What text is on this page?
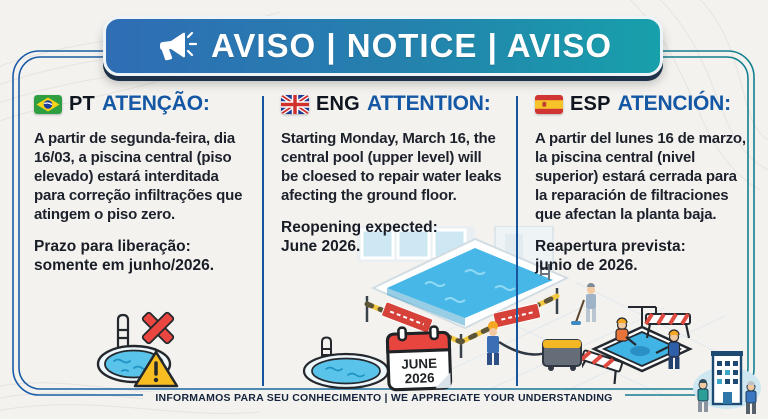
AVISO | NOTICE | AVISO
PT ATENÇÃO:

A partir de segunda-feira, dia 16/03, a piscina central (piso elevado) estará interditada para correção infiltrações que atingem o piso zero.

Prazo para liberação:
somente em junho/2026.

ENG ATTENTION:

Starting Monday, March 16, the central pool (upper level) will be cloesed to repair water leaks afecting the ground floor.

Reopening expected:
June 2026.

ESP ATENCIÓN:

A partir del lunes 16 de marzo, la piscina central (nivel superior) estará cerrada para la reparación de filtraciones que afectan la planta baja.

Reapertura prevista:
junio de 2026.

JUNE
2026
INFORMAMOS PARA SEU CONHECIMENTO | WE APPRECIATE YOUR UNDERSTANDING
